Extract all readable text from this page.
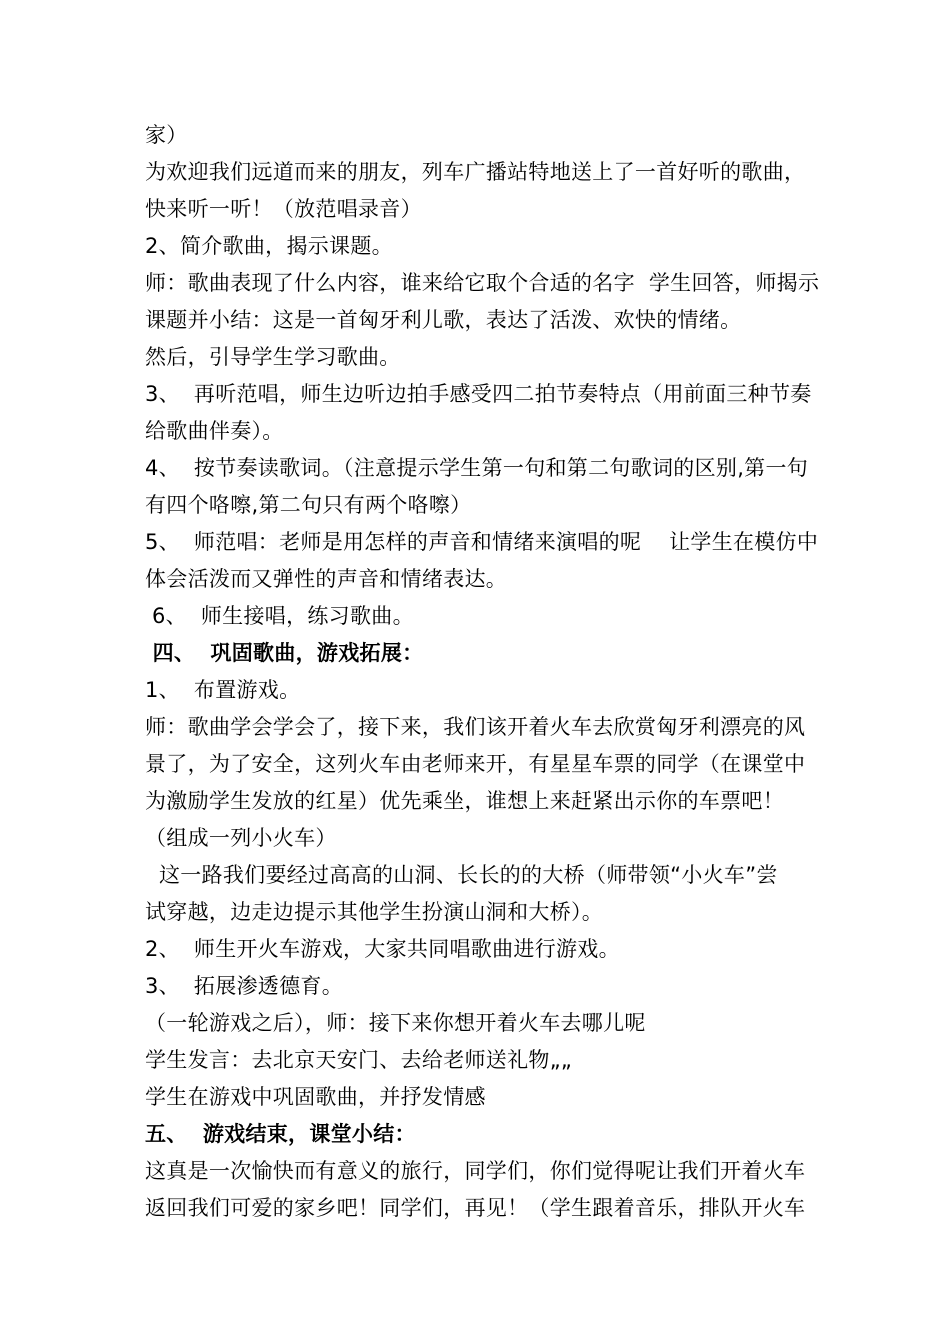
家）
为欢迎我们远道而来的朋友，列车广播站特地送上了一首好听的歌曲，
快来听一听！（放范唱录音）
2、简介歌曲，揭示课题。
师：歌曲表现了什么内容，谁来给它取个合适的名字  学生回答，师揭示
课题并小结：这是一首匈牙利儿歌，表达了活泼、欢快的情绪。
然后，引导学生学习歌曲。
3、  再听范唱，师生边听边拍手感受四二拍节奏特点（用前面三种节奏
给歌曲伴奏）。
4、  按节奏读歌词。（注意提示学生第一句和第二句歌词的区别,第一句
有四个咯嚓,第二句只有两个咯嚓）
5、  师范唱：老师是用怎样的声音和情绪来演唱的呢    让学生在模仿中
体会活泼而又弹性的声音和情绪表达。
6、  师生接唱，练习歌曲。
四、  巩固歌曲，游戏拓展：
1、  布置游戏。
师：歌曲学会学会了，接下来，我们该开着火车去欣赏匈牙利漂亮的风
景了，为了安全，这列火车由老师来开，有星星车票的同学（在课堂中
为激励学生发放的红星）优先乘坐，谁想上来赶紧出示你的车票吧！
（组成一列小火车）
这一路我们要经过高高的山洞、长长的的大桥（师带领“小火车”尝
试穿越，边走边提示其他学生扮演山洞和大桥）。
2、  师生开火车游戏，大家共同唱歌曲进行游戏。
3、  拓展渗透德育。
（一轮游戏之后），师：接下来你想开着火车去哪儿呢
学生发言：去北京天安门、去给老师送礼物„„
学生在游戏中巩固歌曲，并抒发情感
五、  游戏结束，课堂小结：
这真是一次愉快而有意义的旅行，同学们，你们觉得呢让我们开着火车
返回我们可爱的家乡吧！同学们，再见！（学生跟着音乐，排队开火车
